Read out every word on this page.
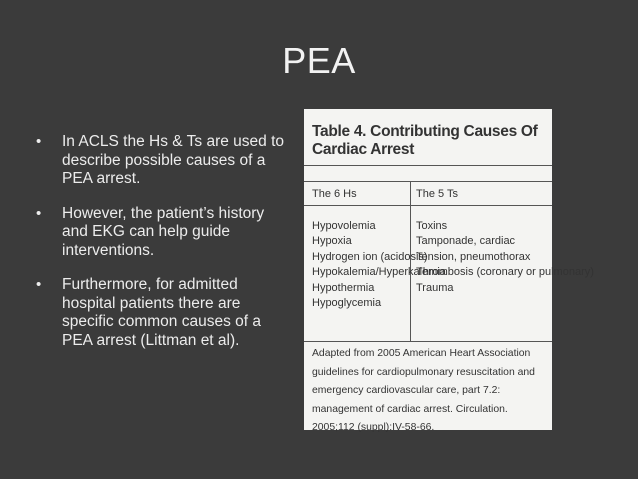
PEA
• In ACLS the Hs & Ts are used to describe possible causes of a PEA arrest.
• However, the patient’s history and EKG can help guide interventions.
• Furthermore, for admitted hospital patients there are specific common causes of a PEA arrest (Littman et al).
Table 4. Contributing Causes Of Cardiac Arrest
The 6 Hs	The 5 Ts
Hypovolemia
Hypoxia
Hydrogen ion (acidosis)
Hypokalemia/Hyperkalemia
Hypothermia
Hypoglycemia
Toxins
Tamponade, cardiac
Tension, pneumothorax
Thrombosis (coronary or pulmonary)
Trauma
Adapted from 2005 American Heart Association guidelines for cardiopulmonary resuscitation and emergency cardiovascular care, part 7.2: management of cardiac arrest. Circulation. 2005;112 (suppl):IV-58-66.
